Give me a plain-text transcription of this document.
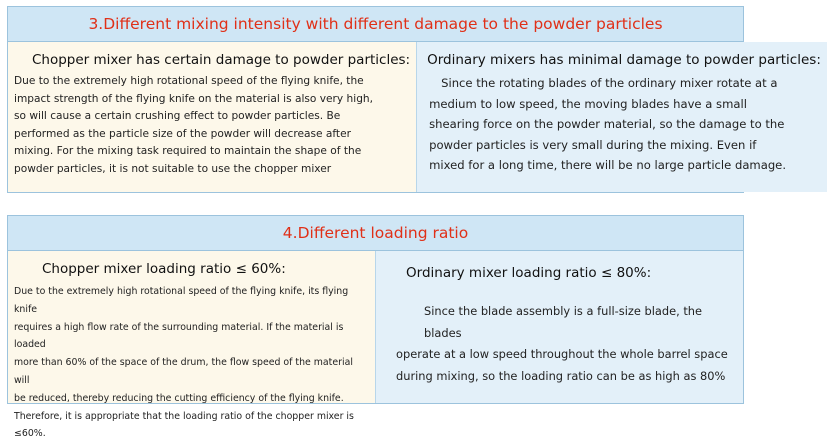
3.Different mixing intensity with different damage to the powder particles
Chopper mixer has certain damage to powder particles:
Due to the extremely high rotational speed of the flying knife, the
impact strength of the flying knife on the material is also very high,
so will cause a certain crushing effect to powder particles. Be
performed as the particle size of the powder will decrease after
mixing. For the mixing task required to maintain the shape of the
powder particles, it is not suitable to use the chopper mixer
Ordinary mixers has minimal damage to powder particles:
Since the rotating blades of the ordinary mixer rotate at a
medium to low speed, the moving blades have a small
shearing force on the powder material, so the damage to the
powder particles is very small during the mixing. Even if
mixed for a long time, there will be no large particle damage.
4.Different loading ratio
Chopper mixer loading ratio ≤ 60%:
Due to the extremely high rotational speed of the flying knife, its flying knife
requires a high flow rate of the surrounding material. If the material is loaded
more than 60% of the space of the drum, the flow speed of the material will
be reduced, thereby reducing the cutting efficiency of the flying knife.
Therefore, it is appropriate that the loading ratio of the chopper mixer is
≤60%.
Ordinary mixer loading ratio ≤ 80%:
Since the blade assembly is a full-size blade, the blades
operate at a low speed throughout the whole barrel space
during mixing, so the loading ratio can be as high as 80%
